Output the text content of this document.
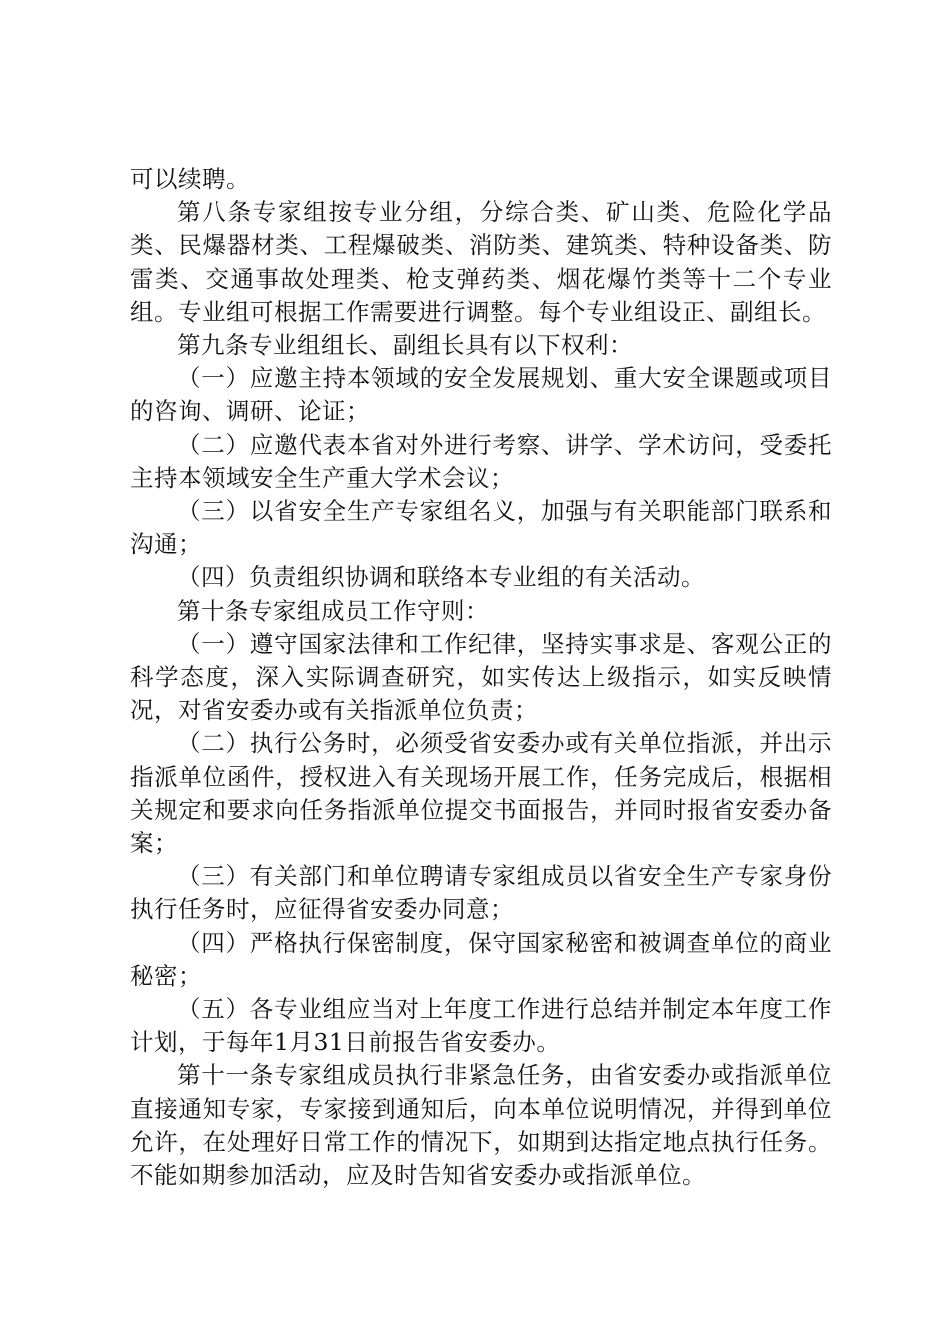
可以续聘。

第八条专家组按专业分组，分综合类、矿山类、危险化学品类、民爆器材类、工程爆破类、消防类、建筑类、特种设备类、防雷类、交通事故处理类、枪支弹药类、烟花爆竹类等十二个专业组。专业组可根据工作需要进行调整。每个专业组设正、副组长。

第九条专业组组长、副组长具有以下权利：

（一）应邀主持本领域的安全发展规划、重大安全课题或项目的咨询、调研、论证；

（二）应邀代表本省对外进行考察、讲学、学术访问，受委托主持本领域安全生产重大学术会议；

（三）以省安全生产专家组名义，加强与有关职能部门联系和沟通；

（四）负责组织协调和联络本专业组的有关活动。

第十条专家组成员工作守则：

（一）遵守国家法律和工作纪律，坚持实事求是、客观公正的科学态度，深入实际调查研究，如实传达上级指示，如实反映情况，对省安委办或有关指派单位负责；

（二）执行公务时，必须受省安委办或有关单位指派，并出示指派单位函件，授权进入有关现场开展工作，任务完成后，根据相关规定和要求向任务指派单位提交书面报告，并同时报省安委办备案；

（三）有关部门和单位聘请专家组成员以省安全生产专家身份执行任务时，应征得省安委办同意；

（四）严格执行保密制度，保守国家秘密和被调查单位的商业秘密；

（五）各专业组应当对上年度工作进行总结并制定本年度工作计划，于每年1月31日前报告省安委办。

第十一条专家组成员执行非紧急任务，由省安委办或指派单位直接通知专家，专家接到通知后，向本单位说明情况，并得到单位允许，在处理好日常工作的情况下，如期到达指定地点执行任务。不能如期参加活动，应及时告知省安委办或指派单位。
